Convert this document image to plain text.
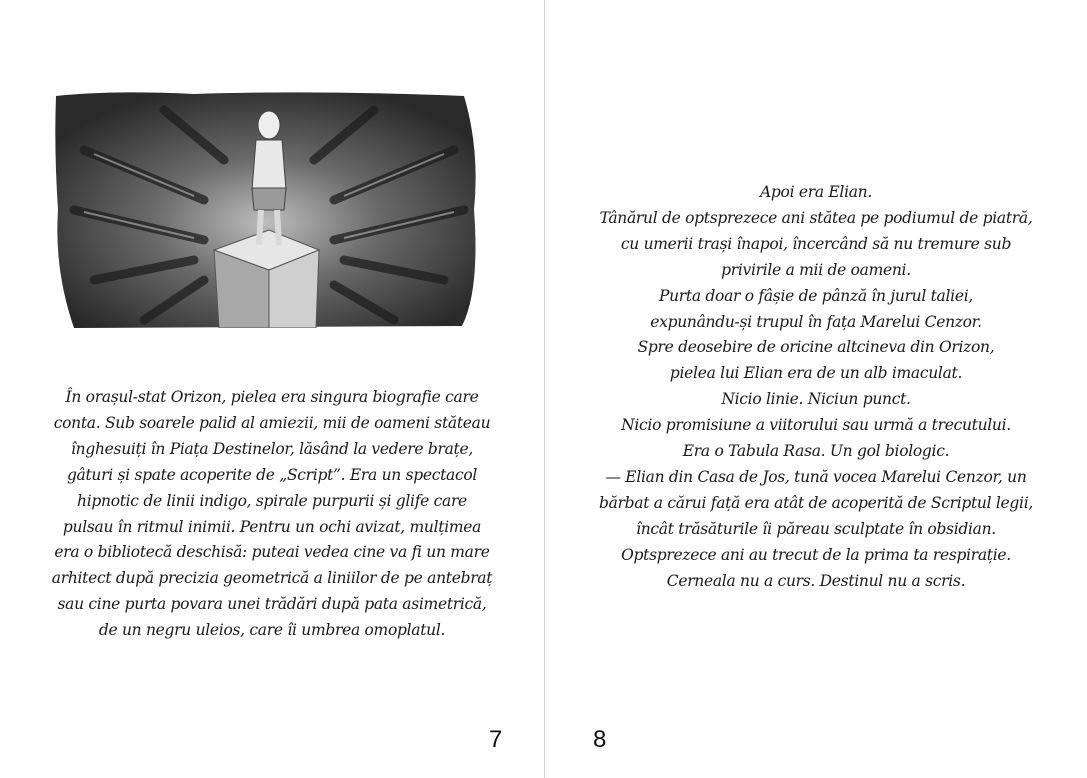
În orașul-stat Orizon, pielea era singura biografie care
conta. Sub soarele palid al amiezii, mii de oameni stăteau
înghesuiți în Piața Destinelor, lăsând la vedere brațe,
gâturi și spate acoperite de „Script”. Era un spectacol
hipnotic de linii indigo, spirale purpurii și glife care
pulsau în ritmul inimii. Pentru un ochi avizat, mulțimea
era o bibliotecă deschisă: puteai vedea cine va fi un mare
arhitect după precizia geometrică a liniilor de pe antebraț
sau cine purta povara unei trădări după pata asimetrică,
de un negru uleios, care îi umbrea omoplatul.
7
Apoi era Elian.
Tânărul de optsprezece ani stătea pe podiumul de piatră,
cu umerii trași înapoi, încercând să nu tremure sub
privirile a mii de oameni.
Purta doar o fâșie de pânză în jurul taliei,
expunându-și trupul în fața Marelui Cenzor.
Spre deosebire de oricine altcineva din Orizon,
pielea lui Elian era de un alb imaculat.
Nicio linie. Niciun punct.
Nicio promisiune a viitorului sau urmă a trecutului.
Era o Tabula Rasa. Un gol biologic.
— Elian din Casa de Jos, tună vocea Marelui Cenzor, un
bărbat a cărui față era atât de acoperită de Scriptul legii,
încât trăsăturile îi păreau sculptate în obsidian.
Optsprezece ani au trecut de la prima ta respirație.
Cerneala nu a curs. Destinul nu a scris.
8
